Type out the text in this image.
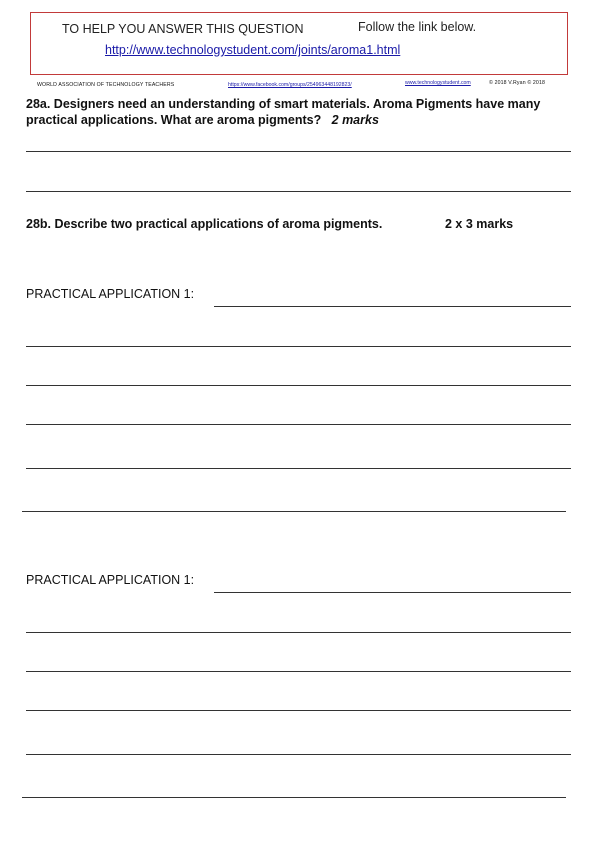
TO HELP YOU ANSWER THIS QUESTION	Follow the link below.
http://www.technologystudent.com/joints/aroma1.html
WORLD ASSOCIATION OF TECHNOLOGY TEACHERS	https://www.facebook.com/groups/254963448192823/	www.technologystudent.com	© 2018 V.Ryan © 2018
28a. Designers need an understanding of smart materials. Aroma Pigments have many practical applications. What are aroma pigments? 2 marks
28b. Describe two practical applications of aroma pigments.	2 x 3 marks
PRACTICAL APPLICATION 1:
PRACTICAL APPLICATION 1:
